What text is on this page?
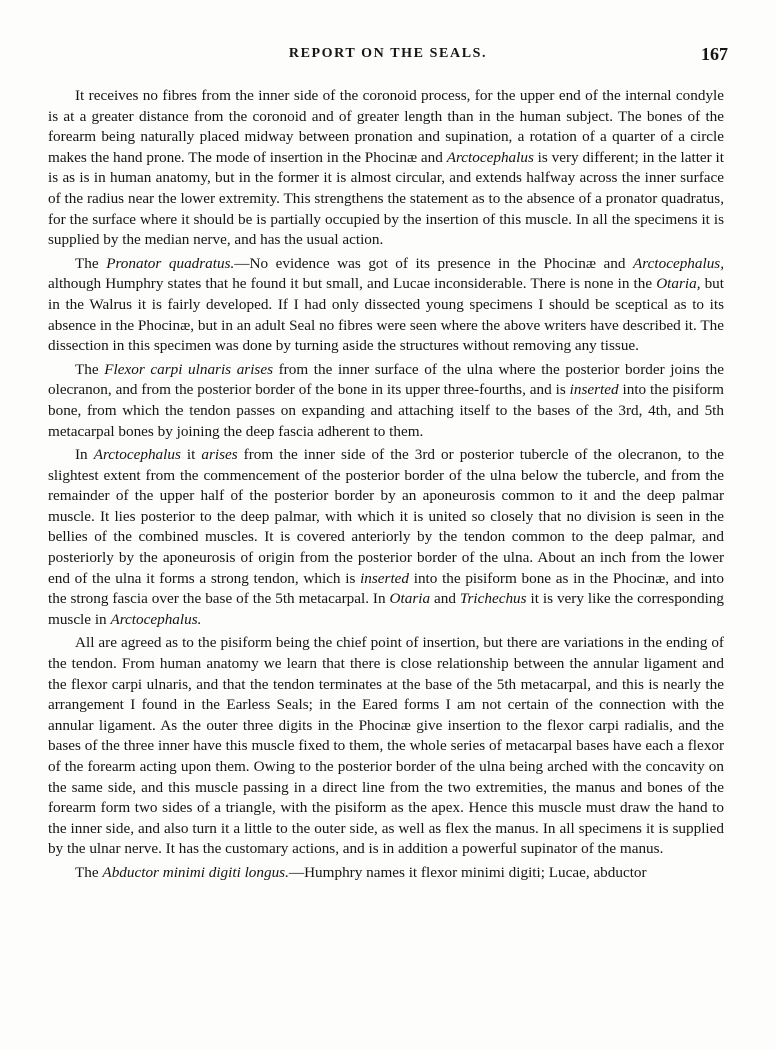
REPORT ON THE SEALS.	167

It receives no fibres from the inner side of the coronoid process, for the upper end of the internal condyle is at a greater distance from the coronoid and of greater length than in the human subject. The bones of the forearm being naturally placed midway between pronation and supination, a rotation of a quarter of a circle makes the hand prone. The mode of insertion in the Phocinæ and Arctocephalus is very different; in the latter it is as is in human anatomy, but in the former it is almost circular, and extends halfway across the inner surface of the radius near the lower extremity. This strengthens the statement as to the absence of a pronator quadratus, for the surface where it should be is partially occupied by the insertion of this muscle. In all the specimens it is supplied by the median nerve, and has the usual action.

The Pronator quadratus.—No evidence was got of its presence in the Phocinæ and Arctocephalus, although Humphry states that he found it but small, and Lucae inconsiderable. There is none in the Otaria, but in the Walrus it is fairly developed. If I had only dissected young specimens I should be sceptical as to its absence in the Phocinæ, but in an adult Seal no fibres were seen where the above writers have described it. The dissection in this specimen was done by turning aside the structures without removing any tissue.

The Flexor carpi ulnaris arises from the inner surface of the ulna where the posterior border joins the olecranon, and from the posterior border of the bone in its upper three-fourths, and is inserted into the pisiform bone, from which the tendon passes on expanding and attaching itself to the bases of the 3rd, 4th, and 5th metacarpal bones by joining the deep fascia adherent to them.

In Arctocephalus it arises from the inner side of the 3rd or posterior tubercle of the olecranon, to the slightest extent from the commencement of the posterior border of the ulna below the tubercle, and from the remainder of the upper half of the posterior border by an aponeurosis common to it and the deep palmar muscle. It lies posterior to the deep palmar, with which it is united so closely that no division is seen in the bellies of the combined muscles. It is covered anteriorly by the tendon common to the deep palmar, and posteriorly by the aponeurosis of origin from the posterior border of the ulna. About an inch from the lower end of the ulna it forms a strong tendon, which is inserted into the pisiform bone as in the Phocinæ, and into the strong fascia over the base of the 5th metacarpal. In Otaria and Trichechus it is very like the corresponding muscle in Arctocephalus.

All are agreed as to the pisiform being the chief point of insertion, but there are variations in the ending of the tendon. From human anatomy we learn that there is close relationship between the annular ligament and the flexor carpi ulnaris, and that the tendon terminates at the base of the 5th metacarpal, and this is nearly the arrangement I found in the Earless Seals; in the Eared forms I am not certain of the connection with the annular ligament. As the outer three digits in the Phocinæ give insertion to the flexor carpi radialis, and the bases of the three inner have this muscle fixed to them, the whole series of metacarpal bases have each a flexor of the forearm acting upon them. Owing to the posterior border of the ulna being arched with the concavity on the same side, and this muscle passing in a direct line from the two extremities, the manus and bones of the forearm form two sides of a triangle, with the pisiform as the apex. Hence this muscle must draw the hand to the inner side, and also turn it a little to the outer side, as well as flex the manus. In all specimens it is supplied by the ulnar nerve. It has the customary actions, and is in addition a powerful supinator of the manus.

The Abductor minimi digiti longus.—Humphry names it flexor minimi digiti; Lucae, abductor
